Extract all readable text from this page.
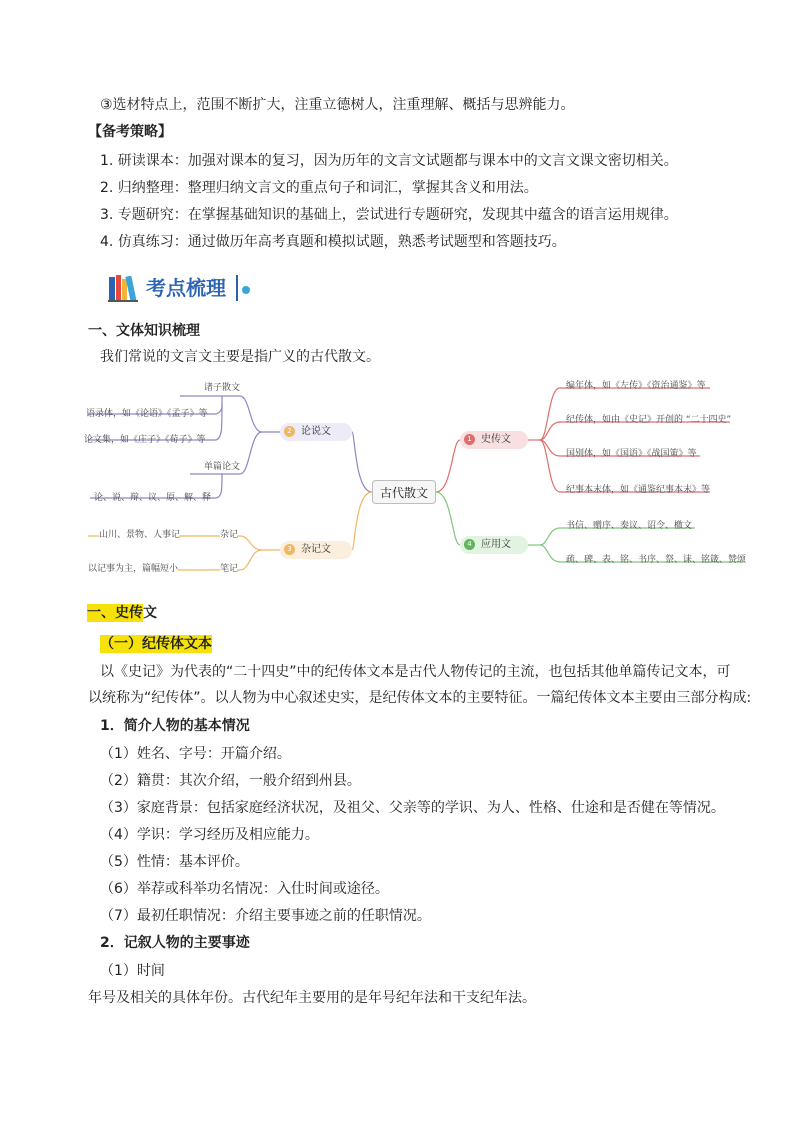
③选材特点上，范围不断扩大，注重立德树人，注重理解、概括与思辨能力。
【备考策略】
1. 研读课本：加强对课本的复习，因为历年的文言文试题都与课本中的文言文课文密切相关。
2. 归纳整理：整理归纳文言文的重点句子和词汇，掌握其含义和用法。
3. 专题研究：在掌握基础知识的基础上，尝试进行专题研究，发现其中蕴含的语言运用规律。
4. 仿真练习：通过做历年高考真题和模拟试题，熟悉考试题型和答题技巧。
考点梳理
一、文体知识梳理
我们常说的文言文主要是指广义的古代散文。
古代散文
2 论说文
诸子散文
语录体，如《论语》《孟子》等
论文集，如《庄子》《荀子》等
单篇论文
论、说、辩、议、原、解、释
3 杂记文
山川、景物、人事记	杂记
以记事为主，篇幅短小	笔记
1 史传文
编年体，如《左传》《资治通鉴》等
纪传体，如由《史记》开创的 “二十四史”
国别体，如《国语》《战国策》等
纪事本末体，如《通鉴纪事本末》等
4 应用文
书信、赠序、奏议、诏令、檄文
疏、碑、表、铭、书序、祭、诔、铭箴、赞颂
一、史传文
（一）纪传体文本
以《史记》为代表的“二十四史”中的纪传体文本是古代人物传记的主流，也包括其他单篇传记文本，可
以统称为“纪传体”。以人物为中心叙述史实，是纪传体文本的主要特征。一篇纪传体文本主要由三部分构成:
1．简介人物的基本情况
（1）姓名、字号：开篇介绍。
（2）籍贯：其次介绍，一般介绍到州县。
（3）家庭背景：包括家庭经济状况，及祖父、父亲等的学识、为人、性格、仕途和是否健在等情况。
（4）学识：学习经历及相应能力。
（5）性情：基本评价。
（6）举荐或科举功名情况：入仕时间或途径。
（7）最初任职情况：介绍主要事迹之前的任职情况。
2．记叙人物的主要事迹
（1）时间
年号及相关的具体年份。古代纪年主要用的是年号纪年法和干支纪年法。
